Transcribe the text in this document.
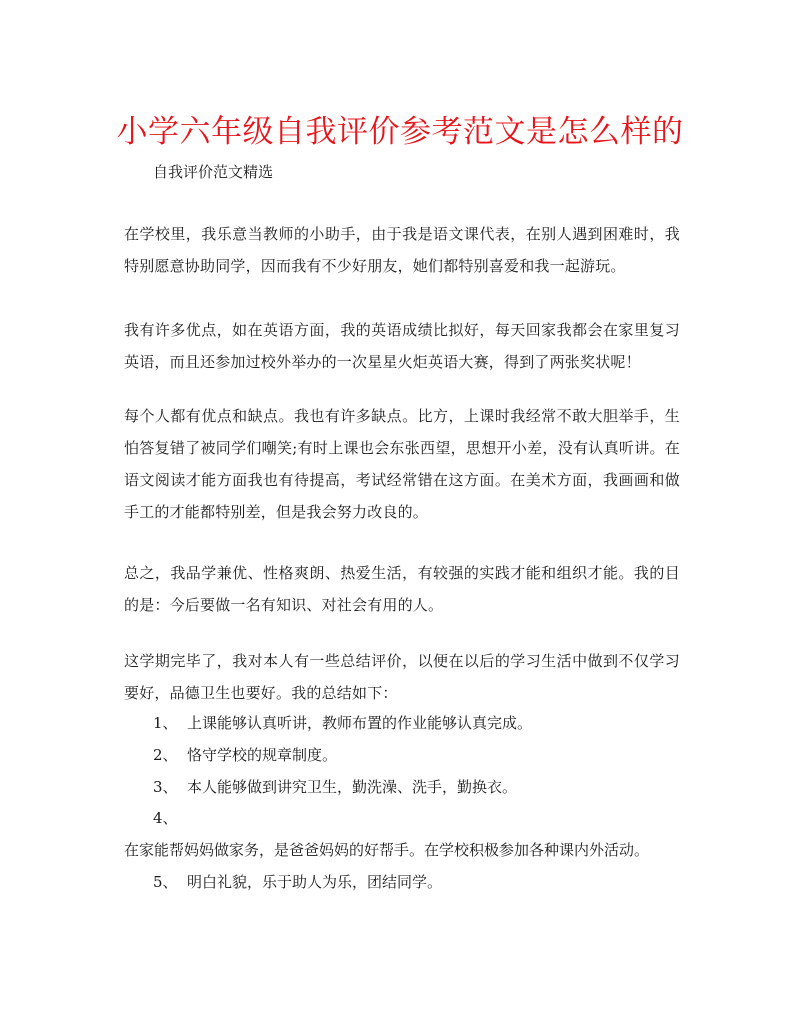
小学六年级自我评价参考范文是怎么样的
自我评价范文精选
在学校里，我乐意当教师的小助手，由于我是语文课代表，在别人遇到困难时，我特别愿意协助同学，因而我有不少好朋友，她们都特别喜爱和我一起游玩。
我有许多优点，如在英语方面，我的英语成绩比拟好，每天回家我都会在家里复习英语，而且还参加过校外举办的一次星星火炬英语大赛，得到了两张奖状呢！
每个人都有优点和缺点。我也有许多缺点。比方，上课时我经常不敢大胆举手，生怕答复错了被同学们嘲笑;有时上课也会东张西望，思想开小差，没有认真听讲。在语文阅读才能方面我也有待提高，考试经常错在这方面。在美术方面，我画画和做手工的才能都特别差，但是我会努力改良的。
总之，我品学兼优、性格爽朗、热爱生活，有较强的实践才能和组织才能。我的目的是：今后要做一名有知识、对社会有用的人。
这学期完毕了，我对本人有一些总结评价，以便在以后的学习生活中做到不仅学习要好，品德卫生也要好。我的总结如下：
1、 上课能够认真听讲，教师布置的作业能够认真完成。
2、 恪守学校的规章制度。
3、 本人能够做到讲究卫生，勤洗澡、洗手，勤换衣。
4、
在家能帮妈妈做家务，是爸爸妈妈的好帮手。在学校积极参加各种课内外活动。
5、 明白礼貌，乐于助人为乐，团结同学。
